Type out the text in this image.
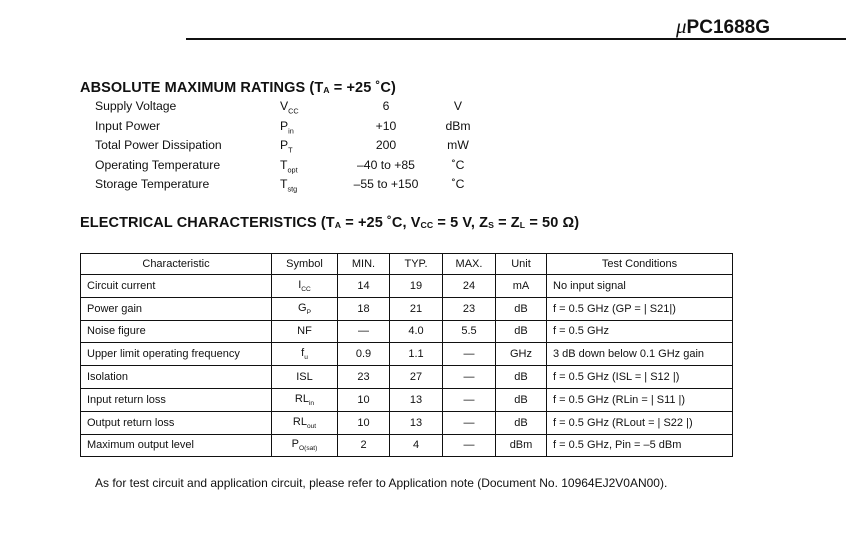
μPC1688G
ABSOLUTE MAXIMUM RATINGS ($T_A = +25$ ˚C)
Supply Voltage	$V_{CC}$	6	V
Input Power	$P_{in}$	+10	dBm
Total Power Dissipation	$P_T$	200	mW
Operating Temperature	$T_{opt}$	–40 to +85	˚C
Storage Temperature	$T_{stg}$	–55 to +150	˚C
ELECTRICAL CHARACTERISTICS ($T_A = +25$ ˚C, $V_{CC} = 5$ V, $Z_S = Z_L = 50$ Ω)
Characteristic	Symbol	MIN.	TYP.	MAX.	Unit	Test Conditions
Circuit current	$I_{CC}$	14	19	24	mA	No input signal
Power gain	$G_P$	18	21	23	dB	f = 0.5 GHz (GP = | S21|)
Noise figure	NF	—	4.0	5.5	dB	f = 0.5 GHz
Upper limit operating frequency	$f_u$	0.9	1.1	—	GHz	3 dB down below 0.1 GHz gain
Isolation	ISL	23	27	—	dB	f = 0.5 GHz (ISL = | S12 |)
Input return loss	$RL_{in}$	10	13	—	dB	f = 0.5 GHz (RLin = | S11 |)
Output return loss	$RL_{out}$	10	13	—	dB	f = 0.5 GHz (RLout = | S22 |)
Maximum output level	$P_{O(sat)}$	2	4	—	dBm	f = 0.5 GHz, Pin = –5 dBm
As for test circuit and application circuit, please refer to Application note (Document No. 10964EJ2V0AN00).
